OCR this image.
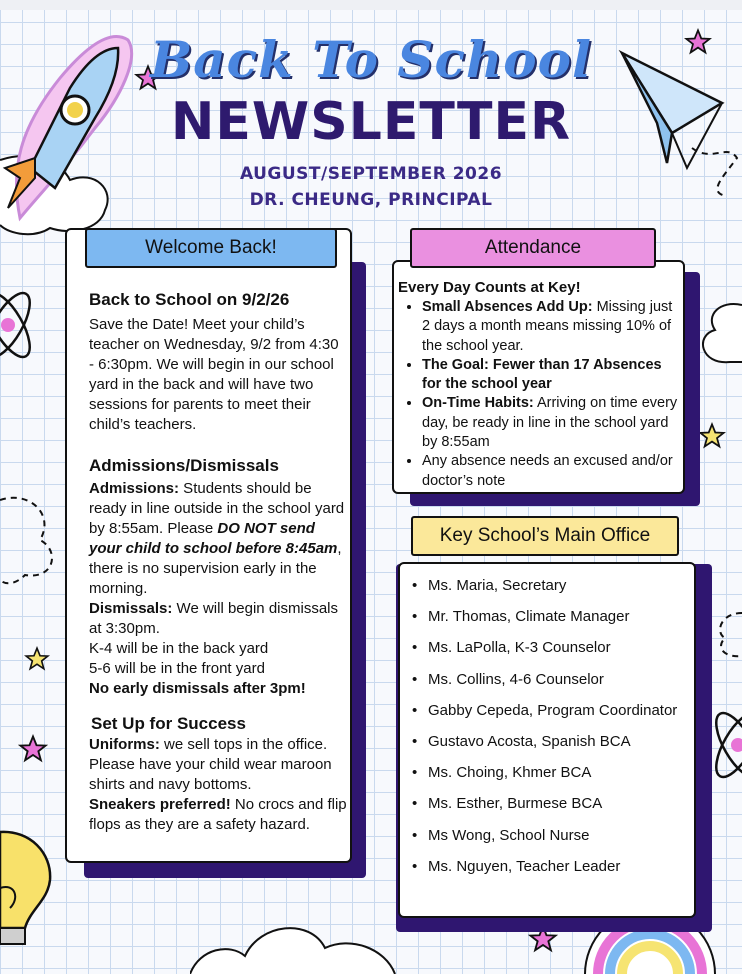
Back To School
NEWSLETTER
AUGUST/SEPTEMBER 2026
DR. CHEUNG, PRINCIPAL
Welcome Back!
Back to School on 9/2/26

Save the Date! Meet your child’s teacher on Wednesday, 9/2 from 4:30 - 6:30pm. We will begin in our school yard in the back and will have two sessions for parents to meet their child’s teachers.

Admissions/Dismissals

Admissions: Students should be ready in line outside in the school yard by 8:55am. Please DO NOT send your child to school before 8:45am, there is no supervision early in the morning.

Dismissals: We will begin dismissals at 3:30pm.

K-4 will be in the back yard

5-6 will be in the front yard

No early dismissals after 3pm!

Set Up for Success

Uniforms: we sell tops in the office. Please have your child wear maroon shirts and navy bottoms.

Sneakers preferred! No crocs and flip flops as they are a safety hazard.

Attendance
Every Day Counts at Key!
• Small Absences Add Up: Missing just 2 days a month means missing 10% of the school year.
• The Goal: Fewer than 17 Absences for the school year
• On-Time Habits: Arriving on time every day, be ready in line in the school yard by 8:55am
• Any absence needs an excused and/or doctor’s note
Key School’s Main Office
• Ms. Maria, Secretary
• Mr. Thomas, Climate Manager
• Ms. LaPolla, K-3 Counselor
• Ms. Collins, 4-6 Counselor
• Gabby Cepeda, Program Coordinator
• Gustavo Acosta, Spanish BCA
• Ms. Choing, Khmer BCA
• Ms. Esther, Burmese BCA
• Ms Wong, School Nurse
• Ms. Nguyen, Teacher Leader
